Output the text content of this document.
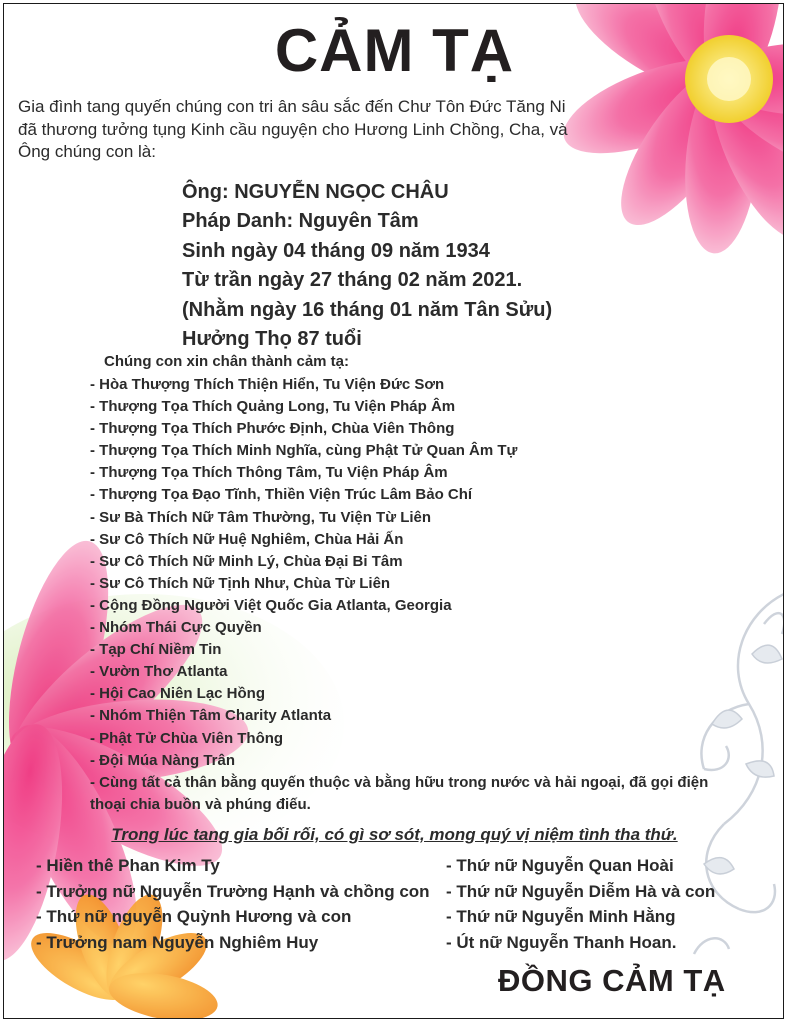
CẢM TẠ
Gia đình tang quyến chúng con tri ân sâu sắc đến Chư Tôn Đức Tăng Ni đã thương tưởng tụng Kinh cầu nguyện cho Hương Linh Chồng, Cha, và Ông chúng con là:
Ông: NGUYỄN NGỌC CHÂU
Pháp Danh: Nguyên Tâm
Sinh ngày 04 tháng 09 năm 1934
Từ trần ngày 27 tháng 02 năm 2021.
(Nhằm ngày 16 tháng 01 năm Tân Sửu)
Hưởng Thọ 87 tuổi
Chúng con xin chân thành cảm tạ:
- Hòa Thượng Thích Thiện Hiển, Tu Viện Đức Sơn
- Thượng Tọa Thích Quảng Long, Tu Viện Pháp Âm
- Thượng Tọa Thích Phước Định, Chùa Viên Thông
- Thượng Tọa Thích Minh Nghĩa, cùng Phật Tử Quan Âm Tự
- Thượng Tọa Thích Thông Tâm, Tu Viện Pháp Âm
- Thượng Tọa Đạo Tĩnh, Thiền Viện Trúc Lâm Bảo Chí
- Sư Bà Thích Nữ Tâm Thường, Tu Viện Từ Liên
- Sư Cô Thích Nữ Huệ Nghiêm, Chùa Hải Ấn
- Sư Cô Thích Nữ Minh Lý, Chùa Đại Bi Tâm
- Sư Cô Thích Nữ Tịnh Như, Chùa Từ Liên
- Cộng Đồng Người Việt Quốc Gia Atlanta, Georgia
- Nhóm Thái Cực Quyền
- Tạp Chí Niềm Tin
- Vườn Thơ Atlanta
- Hội Cao Niên Lạc Hồng
- Nhóm Thiện Tâm Charity Atlanta
- Phật Tử Chùa Viên Thông
- Đội Múa Nàng Trân
- Cùng tất cả thân bằng quyến thuộc và bằng hữu trong nước và hải ngoại, đã gọi điện thoại chia buồn và phúng điếu.
Trong lúc tang gia bối rối, có gì sơ sót, mong quý vị niệm tình tha thứ.
- Hiền thê Phan Kim Ty
- Trưởng nữ Nguyễn Trường Hạnh và chồng con
- Thứ nữ nguyễn Quỳnh Hương và con
- Trưởng nam Nguyễn Nghiêm Huy
- Thứ nữ Nguyễn Quan Hoài
- Thứ nữ Nguyễn Diễm Hà và con
- Thứ nữ Nguyễn Minh Hằng
- Út nữ Nguyễn Thanh Hoan.
ĐỒNG CẢM TẠ
